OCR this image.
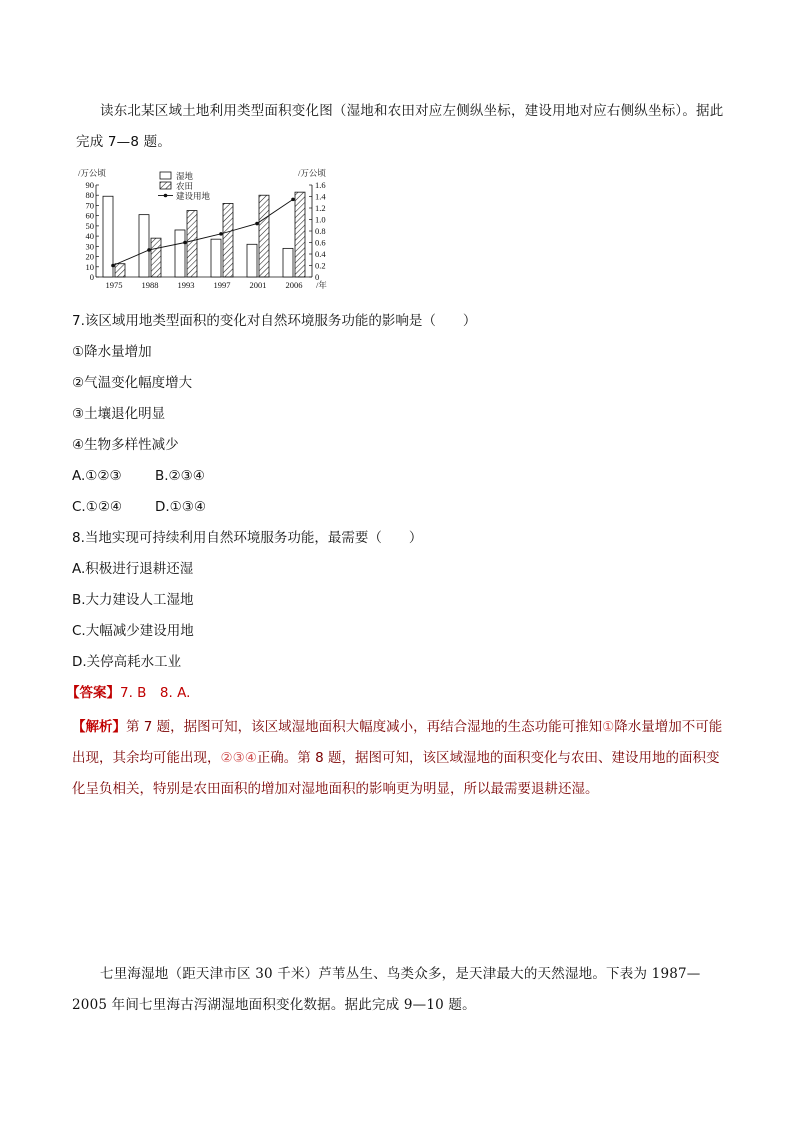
读东北某区域土地利用类型面积变化图（湿地和农田对应左侧纵坐标，建设用地对应右侧纵坐标）。据此完成 7—8 题。
0
10
20
30
40
50
60
70
80
90
0
0.2
0.4
0.6
0.8
1.0
1.2
1.4
1.6
/万公顷	/万公顷
1975 1988 1993 1997 2001 2006 /年
湿地
农田
建设用地
7.该区域用地类型面积的变化对自然环境服务功能的影响是（　　）
①降水量增加
②气温变化幅度增大
③土壤退化明显
④生物多样性减少
A.①②③ B.②③④
C.①②④ D.①③④
8.当地实现可持续利用自然环境服务功能，最需要（　　）
A.积极进行退耕还湿
B.大力建设人工湿地
C.大幅减少建设用地
D.关停高耗水工业
【答案】7. B　8. A.
【解析】第 7 题，据图可知，该区域湿地面积大幅度减小，再结合湿地的生态功能可推知①降水量增加不可能出现，其余均可能出现，②③④正确。第 8 题，据图可知，该区域湿地的面积变化与农田、建设用地的面积变化呈负相关，特别是农田面积的增加对湿地面积的影响更为明显，所以最需要退耕还湿。
七里海湿地（距天津市区 30 千米）芦苇丛生、鸟类众多，是天津最大的天然湿地。下表为 1987—2005 年间七里海古泻湖湿地面积变化数据。据此完成 9—10 题。
